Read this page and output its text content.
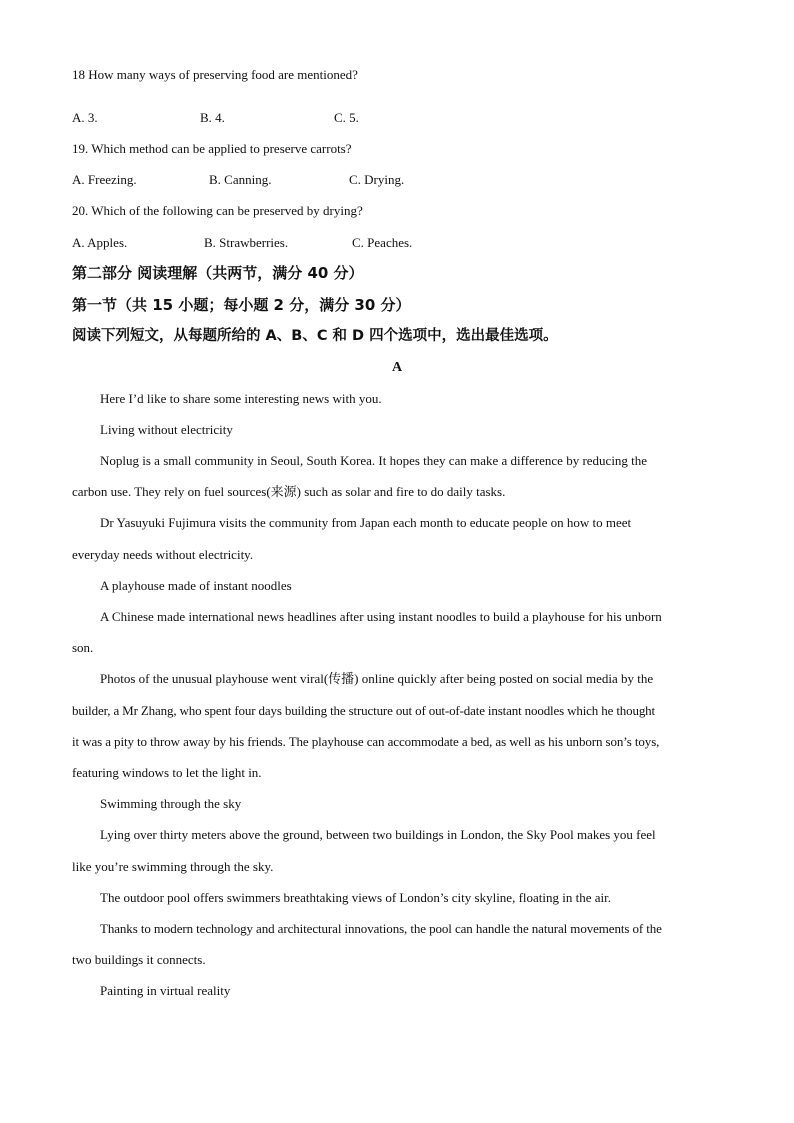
18 How many ways of preserving food are mentioned?
A. 3.	B. 4.	C. 5.
19. Which method can be applied to preserve carrots?
A. Freezing.	B. Canning.	C. Drying.
20. Which of the following can be preserved by drying?
A. Apples.	B. Strawberries.	C. Peaches.
第二部分 阅读理解（共两节，满分 40 分）
第一节（共 15 小题；每小题 2 分，满分 30 分）
阅读下列短文，从每题所给的 A、B、C 和 D 四个选项中，选出最佳选项。
A
Here I’d like to share some interesting news with you.
Living without electricity
Noplug is a small community in Seoul, South Korea. It hopes they can make a difference by reducing the
carbon use. They rely on fuel sources(来源) such as solar and fire to do daily tasks.
Dr Yasuyuki Fujimura visits the community from Japan each month to educate people on how to meet
everyday needs without electricity.
A playhouse made of instant noodles
A Chinese made international news headlines after using instant noodles to build a playhouse for his unborn
son.
Photos of the unusual playhouse went viral(传播) online quickly after being posted on social media by the
builder, a Mr Zhang, who spent four days building the structure out of out-of-date instant noodles which he thought
it was a pity to throw away by his friends. The playhouse can accommodate a bed, as well as his unborn son’s toys,
featuring windows to let the light in.
Swimming through the sky
Lying over thirty meters above the ground, between two buildings in London, the Sky Pool makes you feel
like you’re swimming through the sky.
The outdoor pool offers swimmers breathtaking views of London’s city skyline, floating in the air.
Thanks to modern technology and architectural innovations, the pool can handle the natural movements of the
two buildings it connects.
Painting in virtual reality
